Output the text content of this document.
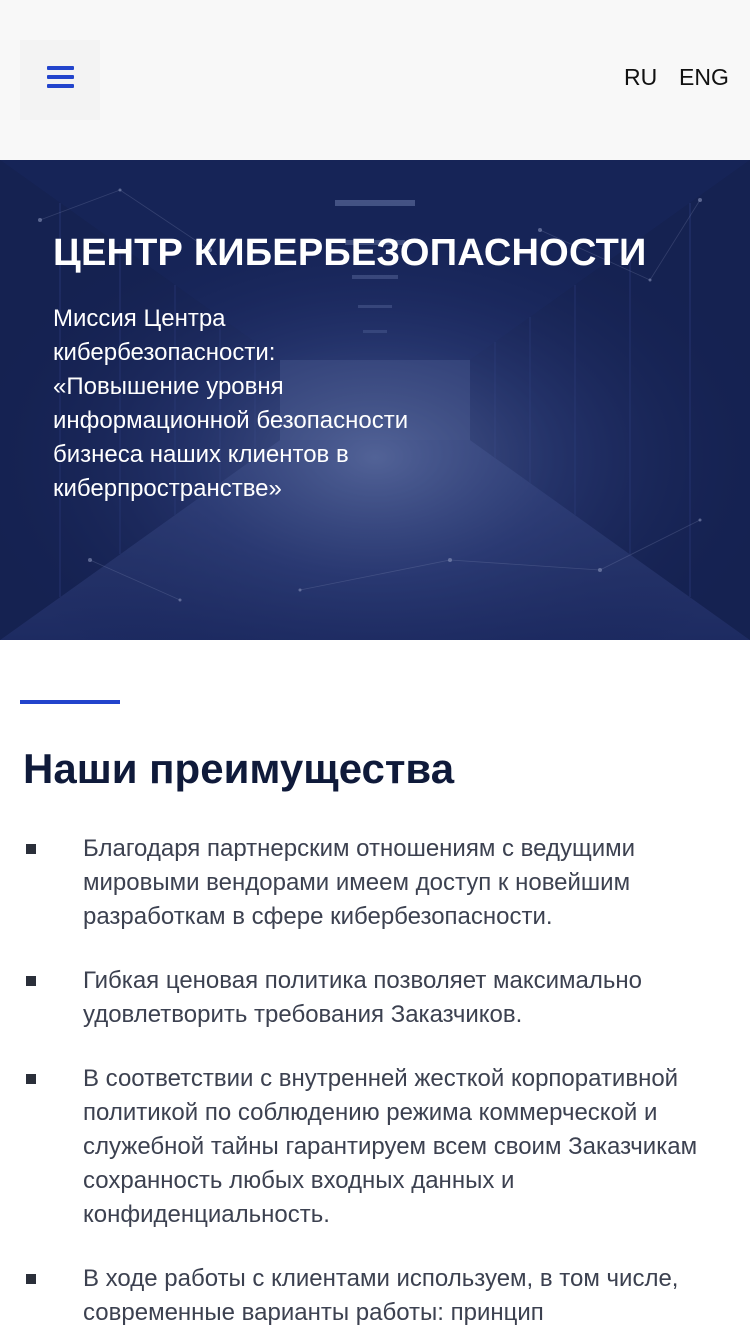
RU ENG
ЦЕНТР КИБЕРБЕЗОПАСНОСТИ

Миссия Центра кибербезопасности: «Повышение уровня информационной безопасности бизнеса наших клиентов в киберпространстве»

Наши преимущества

Благодаря партнерским отношениям с ведущими мировыми вендорами имеем доступ к новейшим разработкам в сфере кибербезопасности.

Гибкая ценовая политика позволяет максимально удовлетворить требования Заказчиков.

В соответствии с внутренней жесткой корпоративной политикой по соблюдению режима коммерческой и служебной тайны гарантируем всем своим Заказчикам сохранность любых входных данных и конфиденциальность.

В ходе работы с клиентами используем, в том числе, современные варианты работы: принцип
